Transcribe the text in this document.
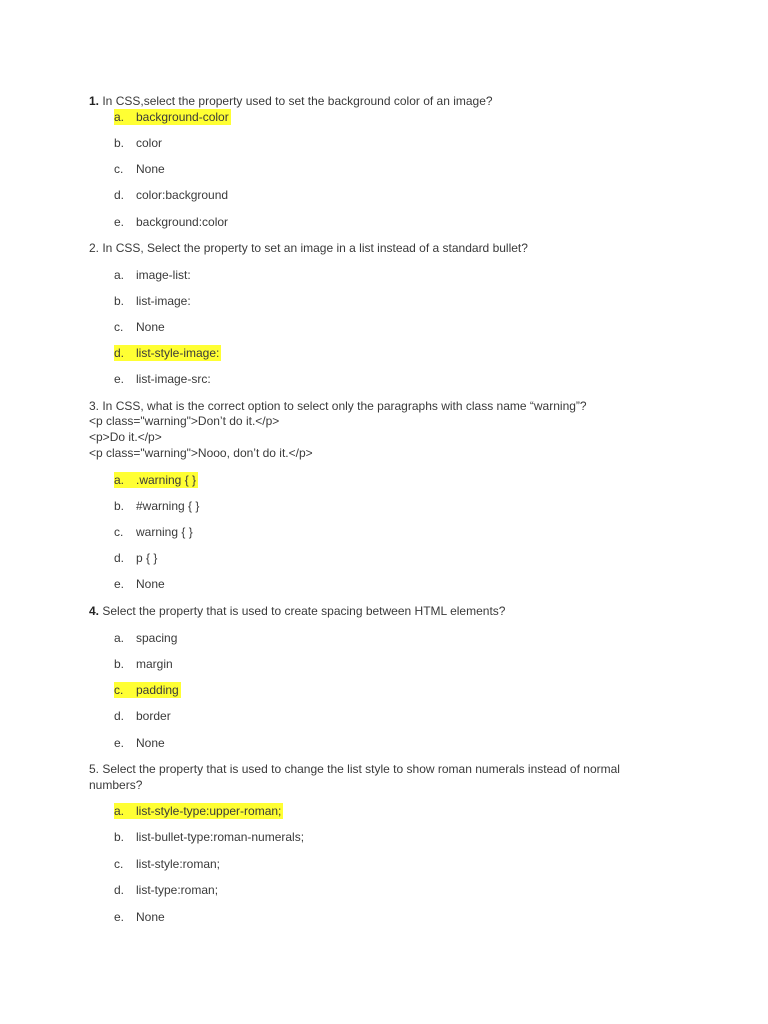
1. In CSS,select the property used to set the background color of an image?
a. background-color
b. color
c. None
d. color:background
e. background:color
2. In CSS, Select the property to set an image in a list instead of a standard bullet?
a. image-list:
b. list-image:
c. None
d. list-style-image:
e. list-image-src:
3. In CSS, what is the correct option to select only the paragraphs with class name “warning”?
<p class="warning">Don’t do it.</p>
<p>Do it.</p>
<p class="warning">Nooo, don’t do it.</p>
a. .warning { }
b. #warning { }
c. warning { }
d. p { }
e. None
4. Select the property that is used to create spacing between HTML elements?
a. spacing
b. margin
c. padding
d. border
e. None
5. Select the property that is used to change the list style to show roman numerals instead of normal
numbers?
a. list-style-type:upper-roman;
b. list-bullet-type:roman-numerals;
c. list-style:roman;
d. list-type:roman;
e. None
